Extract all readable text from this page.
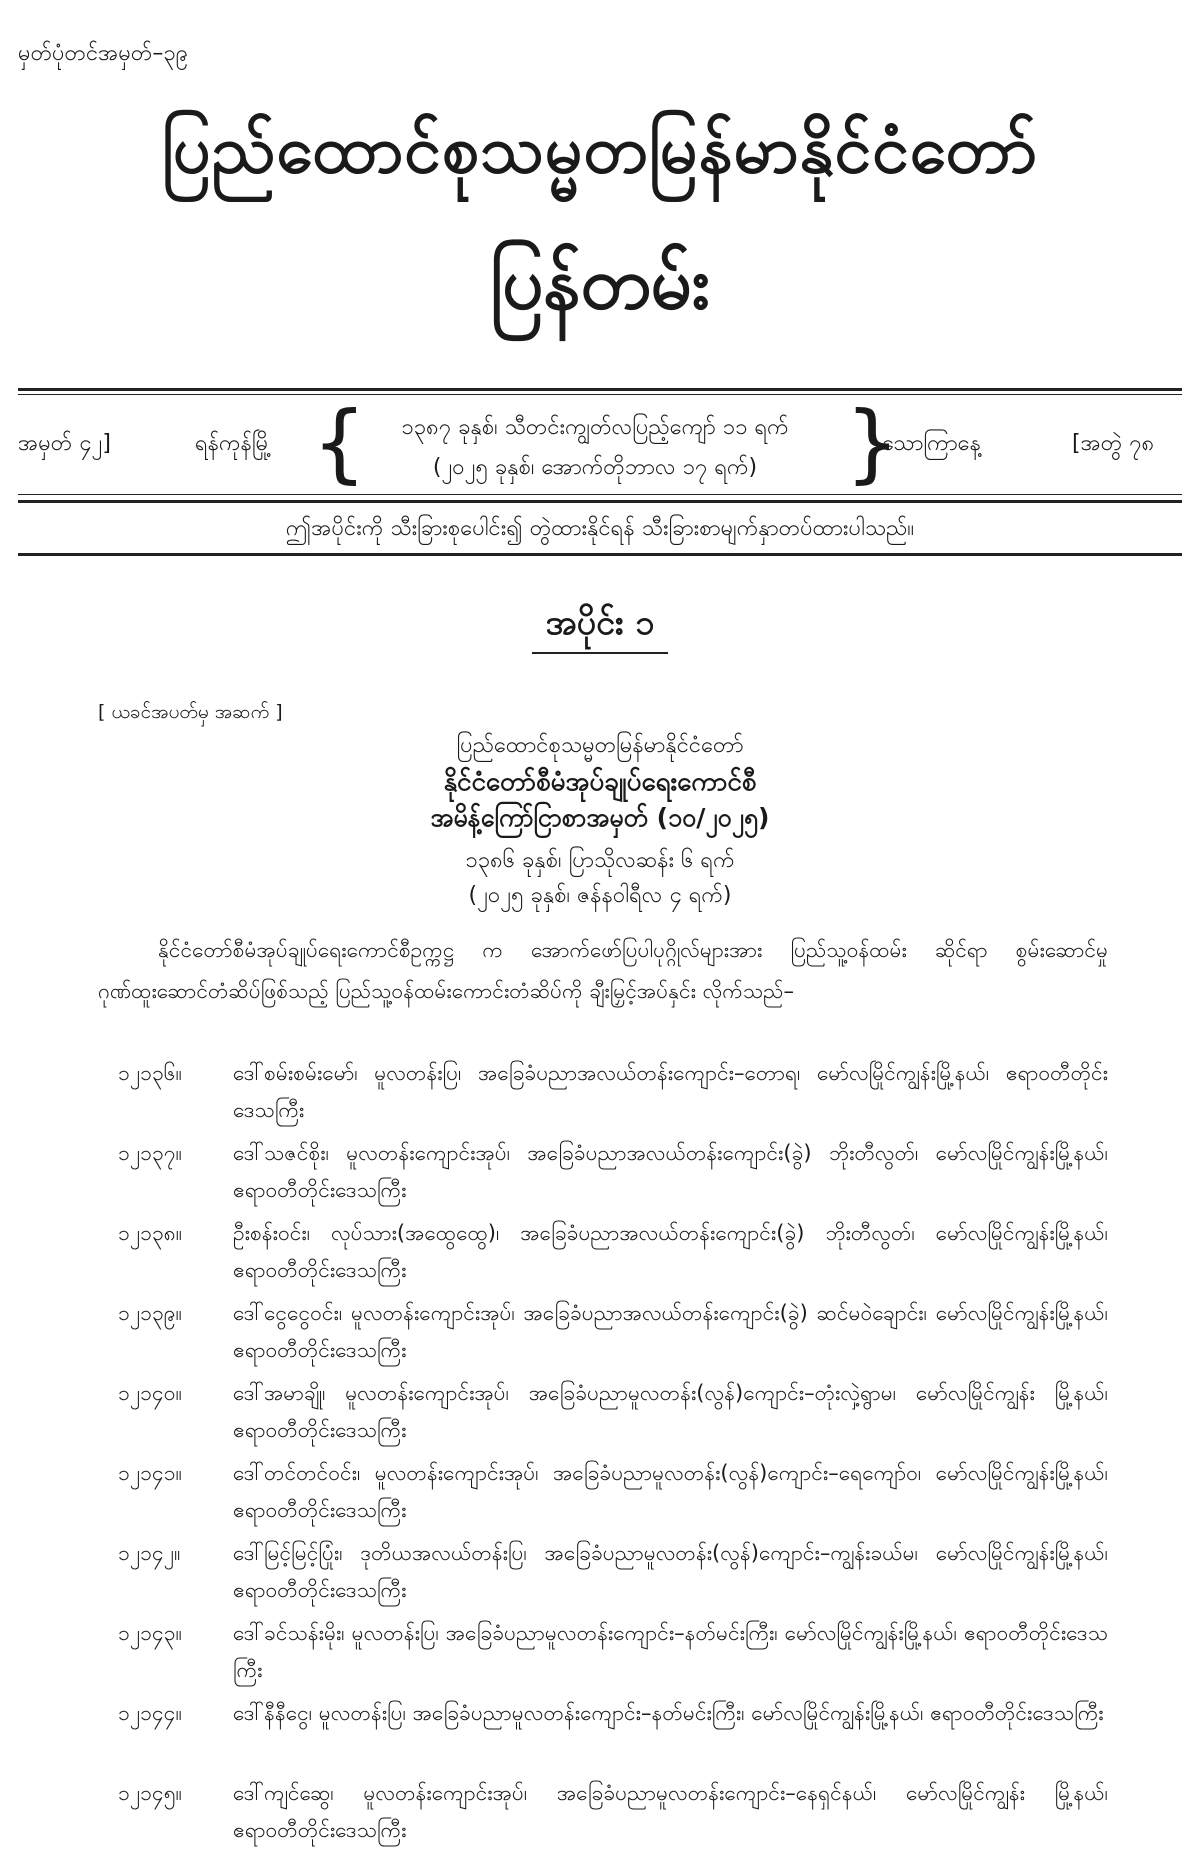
မှတ်ပုံတင်အမှတ်–၃၉
ပြည်ထောင်စုသမ္မတမြန်မာနိုင်ငံတော်
ပြန်တမ်း
အမှတ် ၄၂]	ရန်ကုန်မြို့ {	၁၃၈၇ ခုနှစ်၊ သီတင်းကျွတ်လပြည့်ကျော် ၁၁ ရက်
(၂၀၂၅ ခုနှစ်၊ အောက်တိုဘာလ ၁၇ ရက်)	}
သောကြာနေ့	[အတွဲ ၇၈
ဤအပိုင်းကို သီးခြားစုပေါင်း၍ တွဲထားနိုင်ရန် သီးခြားစာမျက်နှာတပ်ထားပါသည်။
အပိုင်း ၁
[ ယခင်အပတ်မှ အဆက် ]
ပြည်ထောင်စုသမ္မတမြန်မာနိုင်ငံတော်
နိုင်ငံတော်စီမံအုပ်ချုပ်ရေးကောင်စီ
အမိန့်ကြော်ငြာစာအမှတ် (၁၀/၂၀၂၅)
၁၃၈၆ ခုနှစ်၊ ပြာသိုလဆန်း ၆ ရက်
(၂၀၂၅ ခုနှစ်၊ ဇန်နဝါရီလ ၄ ရက်)
နိုင်ငံတော်စီမံအုပ်ချုပ်ရေးကောင်စီဥက္ကဋ္ဌ က အောက်ဖော်ပြပါပုဂ္ဂိုလ်များအား ပြည်သူ့ဝန်ထမ်း ဆိုင်ရာ စွမ်းဆောင်မှုဂုဏ်ထူးဆောင်တံဆိပ်ဖြစ်သည့် ပြည်သူ့ဝန်ထမ်းကောင်းတံဆိပ်ကို ချီးမြှင့်အပ်နှင်း လိုက်သည်–
၁၂၁၃၆။	ဒေါ်စမ်းစမ်းမော်၊ မူလတန်းပြ၊ အခြေခံပညာအလယ်တန်းကျောင်း–တောရ၊ မော်လမြိုင်ကျွန်းမြို့နယ်၊ ဧရာဝတီတိုင်းဒေသကြီး
၁၂၁၃၇။	ဒေါ်သဇင်စိုး၊ မူလတန်းကျောင်းအုပ်၊ အခြေခံပညာအလယ်တန်းကျောင်း(ခွဲ) ဘိုးတီလွတ်၊ မော်လမြိုင်ကျွန်းမြို့နယ်၊ ဧရာဝတီတိုင်းဒေသကြီး
၁၂၁၃၈။	ဦးစန်းဝင်း၊ လုပ်သား(အထွေထွေ)၊ အခြေခံပညာအလယ်တန်းကျောင်း(ခွဲ) ဘိုးတီလွတ်၊ မော်လမြိုင်ကျွန်းမြို့နယ်၊ ဧရာဝတီတိုင်းဒေသကြီး
၁၂၁၃၉။	ဒေါ်ငွေငွေဝင်း၊ မူလတန်းကျောင်းအုပ်၊ အခြေခံပညာအလယ်တန်းကျောင်း(ခွဲ) ဆင်မဝဲချောင်း၊ မော်လမြိုင်ကျွန်းမြို့နယ်၊ ဧရာဝတီတိုင်းဒေသကြီး
၁၂၁၄၀။	ဒေါ်အမာချို၊ မူလတန်းကျောင်းအုပ်၊ အခြေခံပညာမူလတန်း(လွန်)ကျောင်း–တုံးလှဲ့ရွာမ၊ မော်လမြိုင်ကျွန်း မြို့နယ်၊ ဧရာဝတီတိုင်းဒေသကြီး
၁၂၁၄၁။	ဒေါ်တင်တင်ဝင်း၊ မူလတန်းကျောင်းအုပ်၊ အခြေခံပညာမူလတန်း(လွန်)ကျောင်း–ရေကျော်ဝ၊ မော်လမြိုင်ကျွန်းမြို့နယ်၊ ဧရာဝတီတိုင်းဒေသကြီး
၁၂၁၄၂။	ဒေါ်မြင့်မြင့်ပြုံး၊ ဒုတိယအလယ်တန်းပြ၊ အခြေခံပညာမူလတန်း(လွန်)ကျောင်း–ကျွန်းခယ်မ၊ မော်လမြိုင်ကျွန်းမြို့နယ်၊ ဧရာဝတီတိုင်းဒေသကြီး
၁၂၁၄၃။	ဒေါ်ခင်သန်းမိုး၊ မူလတန်းပြ၊ အခြေခံပညာမူလတန်းကျောင်း–နတ်မင်းကြီး၊ မော်လမြိုင်ကျွန်းမြို့နယ်၊ ဧရာဝတီတိုင်းဒေသကြီး
၁၂၁၄၄။	ဒေါ်နီနီငွေ၊ မူလတန်းပြ၊ အခြေခံပညာမူလတန်းကျောင်း–နတ်မင်းကြီး၊ မော်လမြိုင်ကျွန်းမြို့နယ်၊ ဧရာဝတီတိုင်းဒေသကြီး
၁၂၁၄၅။	ဒေါ်ကျင်ဆွေ၊ မူလတန်းကျောင်းအုပ်၊ အခြေခံပညာမူလတန်းကျောင်း–နေရှင်နယ်၊ မော်လမြိုင်ကျွန်း မြို့နယ်၊ ဧရာဝတီတိုင်းဒေသကြီး
